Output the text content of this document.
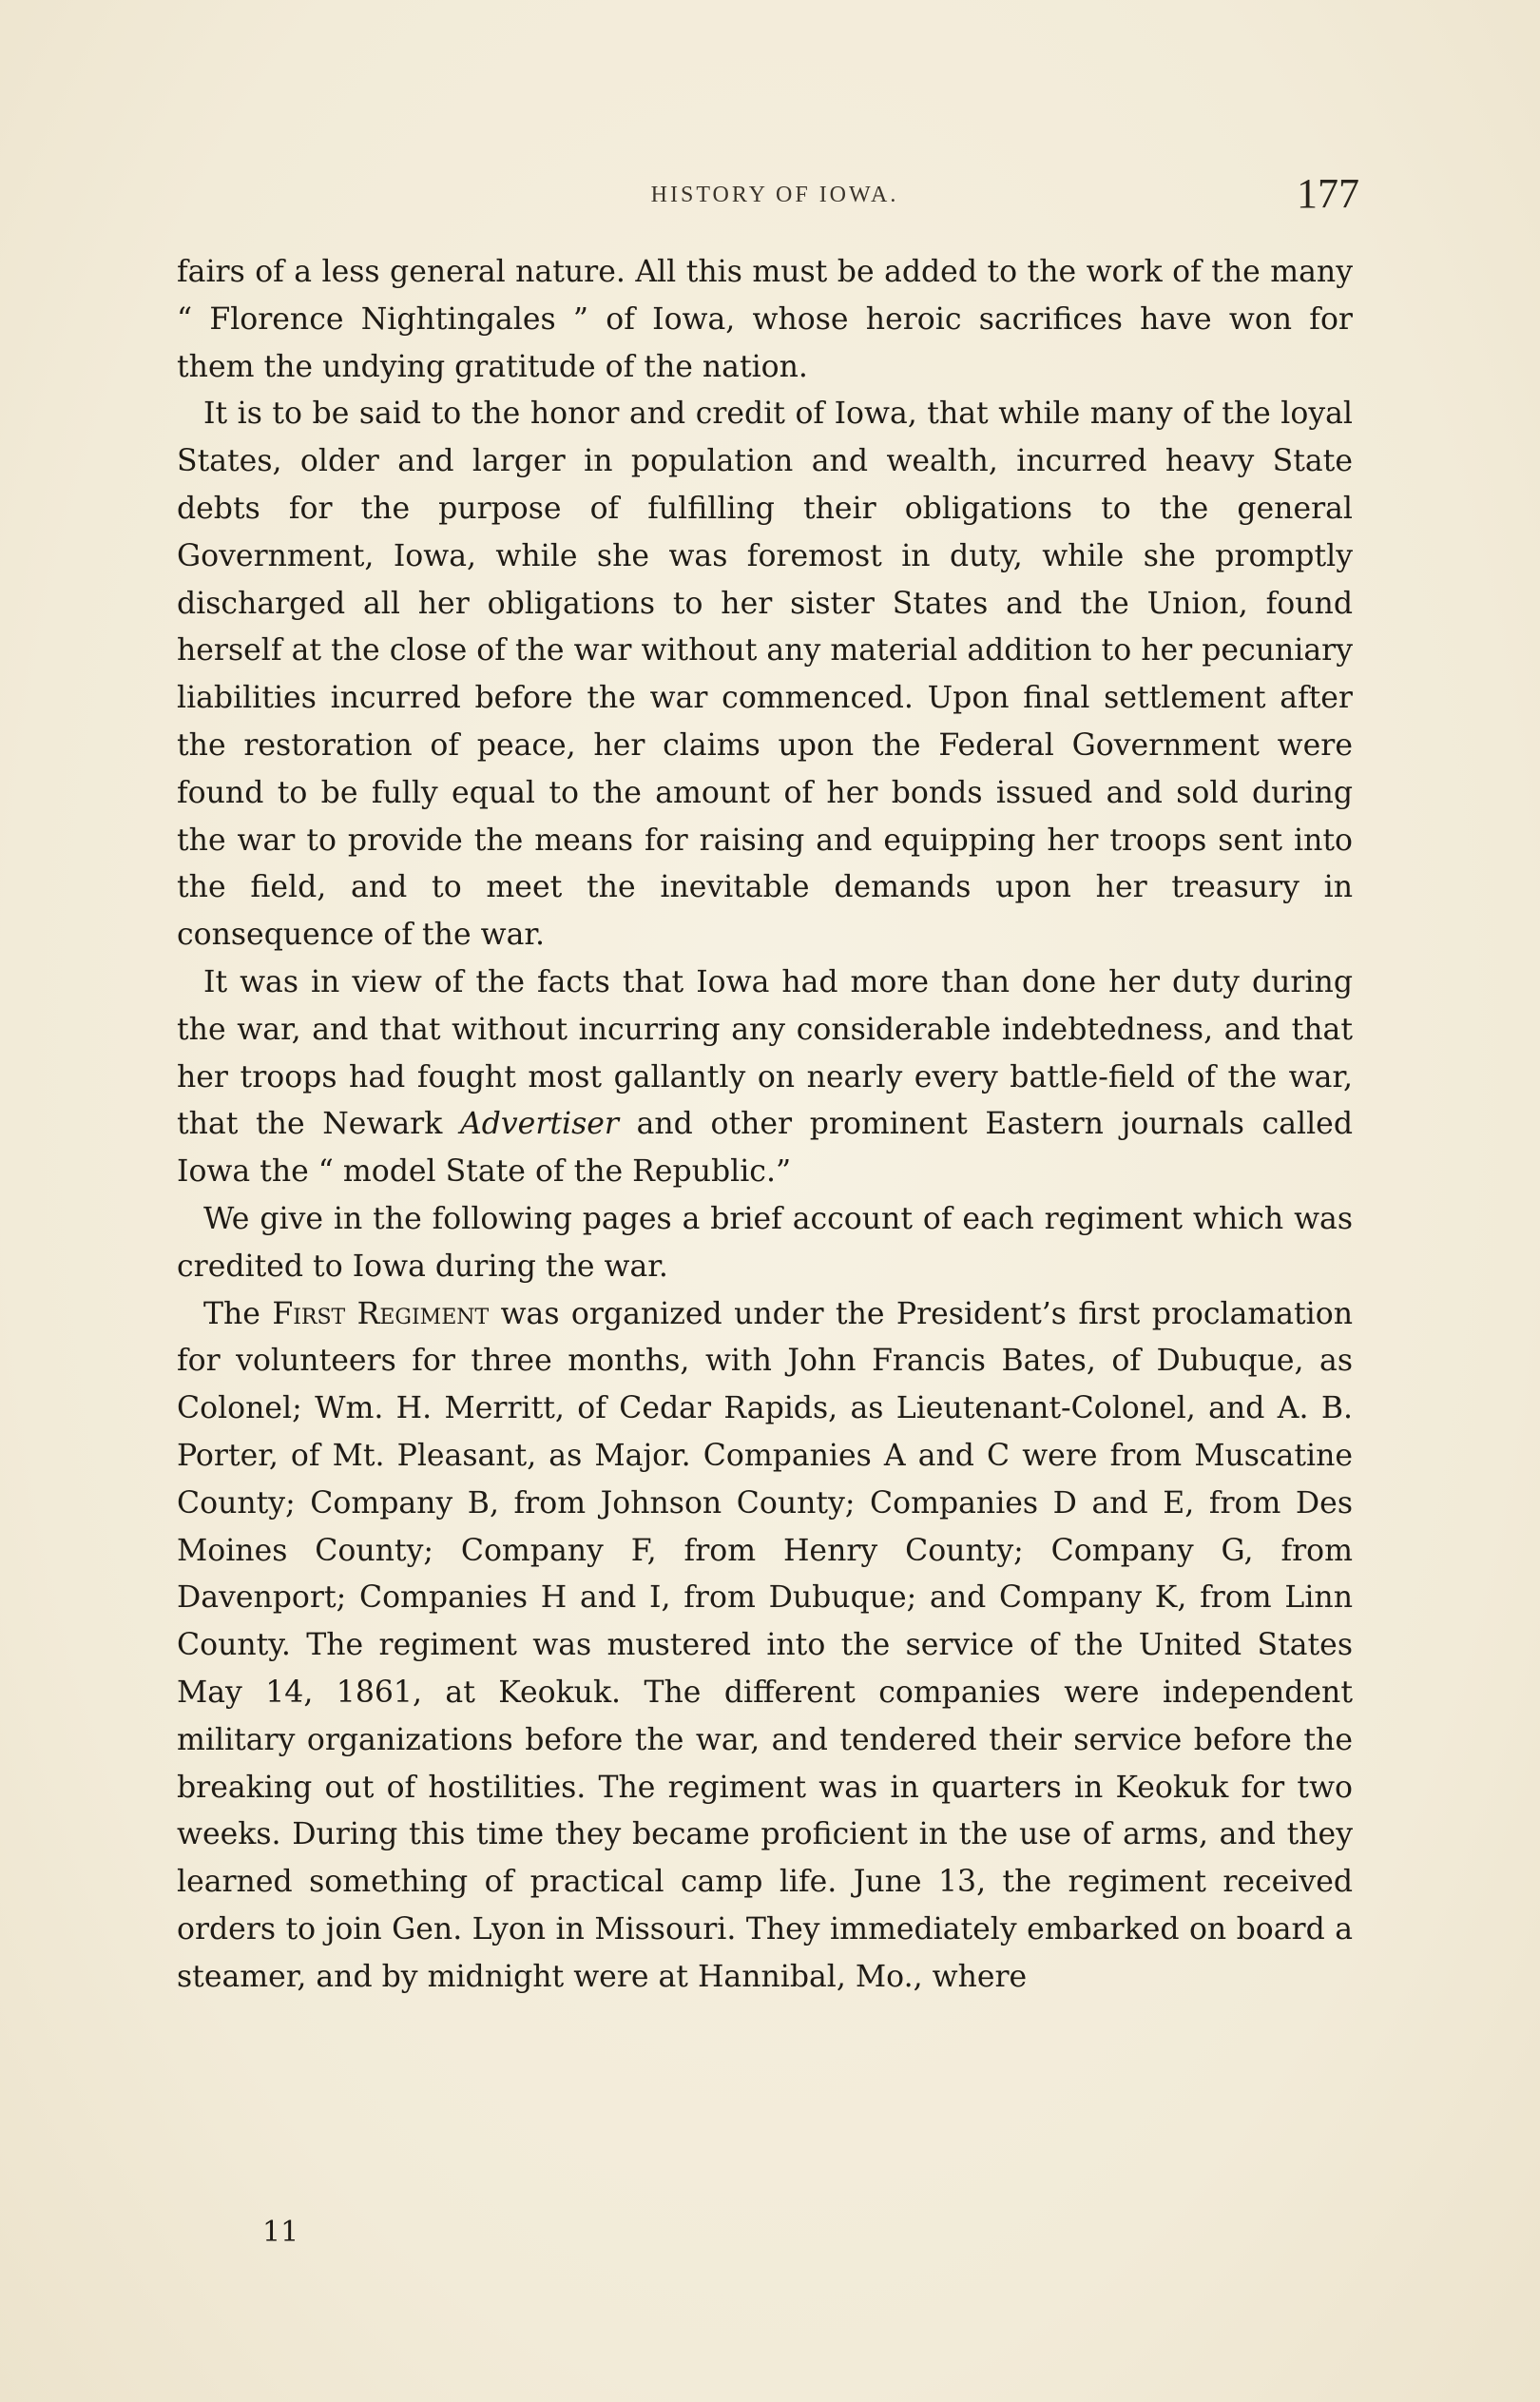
HISTORY OF IOWA.	177

fairs of a less general nature. All this must be added to the work of the many “ Florence Nightingales ” of Iowa, whose heroic sacrifices have won for them the undying gratitude of the nation.

It is to be said to the honor and credit of Iowa, that while many of the loyal States, older and larger in population and wealth, incurred heavy State debts for the purpose of fulfilling their obligations to the general Government, Iowa, while she was foremost in duty, while she promptly discharged all her obligations to her sister States and the Union, found herself at the close of the war without any material addition to her pecuniary liabilities incurred before the war commenced. Upon final settlement after the restoration of peace, her claims upon the Federal Government were found to be fully equal to the amount of her bonds issued and sold during the war to provide the means for raising and equipping her troops sent into the field, and to meet the inevitable demands upon her treasury in consequence of the war.

It was in view of the facts that Iowa had more than done her duty during the war, and that without incurring any considerable indebtedness, and that her troops had fought most gallantly on nearly every battle-field of the war, that the Newark Advertiser and other prominent Eastern journals called Iowa the “ model State of the Republic.”

We give in the following pages a brief account of each regiment which was credited to Iowa during the war.

The First Regiment was organized under the President’s first proclamation for volunteers for three months, with John Francis Bates, of Dubuque, as Colonel; Wm. H. Merritt, of Cedar Rapids, as Lieutenant-Colonel, and A. B. Porter, of Mt. Pleasant, as Major. Companies A and C were from Muscatine County; Company B, from Johnson County; Companies D and E, from Des Moines County; Company F, from Henry County; Company G, from Davenport; Companies H and I, from Dubuque; and Company K, from Linn County. The regiment was mustered into the service of the United States May 14, 1861, at Keokuk. The different companies were independent military organizations before the war, and tendered their service before the breaking out of hostilities. The regiment was in quarters in Keokuk for two weeks. During this time they became proficient in the use of arms, and they learned something of practical camp life. June 13, the regiment received orders to join Gen. Lyon in Missouri. They immediately embarked on board a steamer, and by midnight were at Hannibal, Mo., where

11
